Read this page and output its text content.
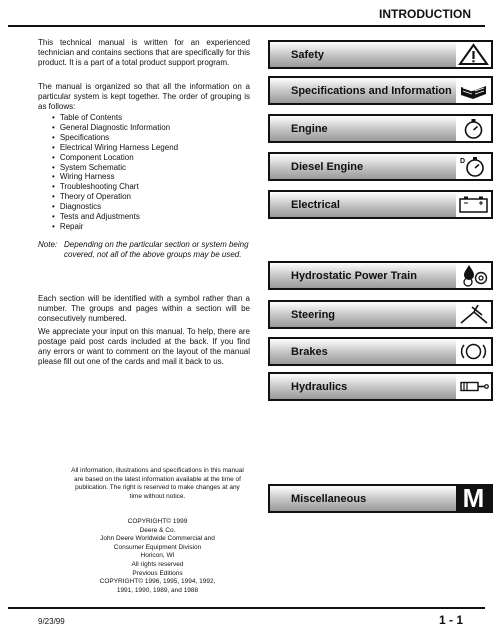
INTRODUCTION

This technical manual is written for an experienced technician and contains sections that are specifically for this product. It is a part of a total product support program.

The manual is organized so that all the information on a particular system is kept together. The order of grouping is as follows:

• Table of Contents
• General Diagnostic Information
• Specifications
• Electrical Wiring Harness Legend
• Component Location
• System Schematic
• Wiring Harness
• Troubleshooting Chart
• Theory of Operation
• Diagnostics
• Tests and Adjustments
• Repair
Note: Depending on the particular section or system being covered, not all of the above groups may be used.

Each section will be identified with a symbol rather than a number. The groups and pages within a section will be consecutively numbered.

We appreciate your input on this manual. To help, there are postage paid post cards included at the back. If you find any errors or want to comment on the layout of the manual please fill out one of the cards and mail it back to us.

Safety
Specifications and Information
Engine
Diesel Engine	D
Electrical
Hydrostatic Power Train
Steering
Brakes
Hydraulics
Miscellaneous	M

All information, illustrations and specifications in this manual are based on the latest information available at the time of publication. The right is reserved to make changes at any time without notice.

COPYRIGHT© 1999
Deere & Co.
John Deere Worldwide Commercial and
Consumer Equipment Division
Horicon, WI
All rights reserved
Previous Editions
COPYRIGHT© 1996, 1995, 1994, 1992,
1991, 1990, 1989, and 1988
9/23/99	1 - 1
